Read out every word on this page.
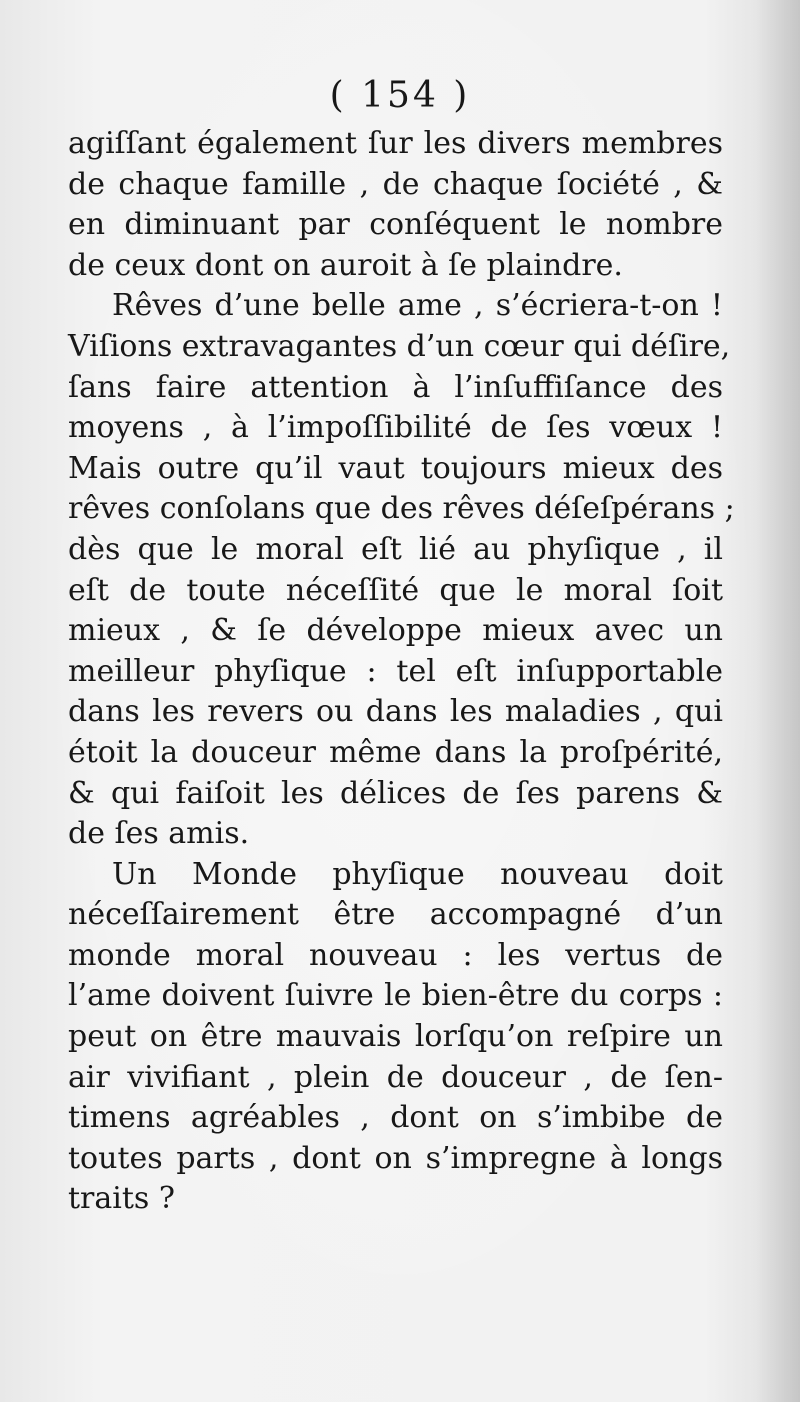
( 154 )

agiſſant également ſur les divers membres
de chaque famille , de chaque ſociété , &
en diminuant par conſéquent le nombre
de ceux dont on auroit à ſe plaindre.

Rêves d’une belle ame , s’écriera-t-on !
Viſions extravagantes d’un cœur qui déſire,
ſans faire attention à l’inſuffiſance des
moyens , à l’impoſſibilité de ſes vœux !
Mais outre qu’il vaut toujours mieux des
rêves conſolans que des rêves déſeſpérans ;
dès que le moral eſt lié au phyſique , il
eſt de toute néceſſité que le moral ſoit
mieux , & ſe développe mieux avec un
meilleur phyſique : tel eſt inſupportable
dans les revers ou dans les maladies , qui
étoit la douceur même dans la proſpérité,
& qui faiſoit les délices de ſes parens &
de ſes amis.

Un Monde phyſique nouveau doit
néceſſairement être accompagné d’un
monde moral nouveau : les vertus de
l’ame doivent ſuivre le bien-être du corps :
peut on être mauvais lorſqu’on reſpire un
air vivifiant , plein de douceur , de ſen-
timens agréables , dont on s’imbibe de
toutes parts , dont on s’impregne à longs
traits ?
